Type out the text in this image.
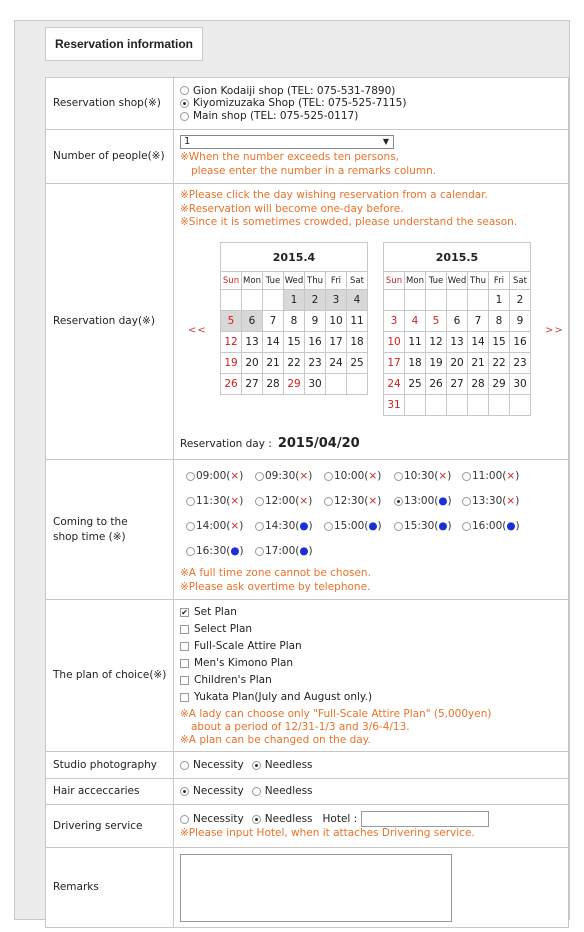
Reservation information
Reservation shop(※)	
Gion Kodaiji shop (TEL: 075-531-7890)
Kiyomizuzaka Shop (TEL: 075-525-7115)
Main shop (TEL: 075-525-0117)

Number of people(※)	
1	▼
※When the number exceeds ten persons,
please enter the number in a remarks column.

Reservation day(※)	
※Please click the day wishing reservation from a calendar.
※Reservation will become one-day before.
※Since it is sometimes crowded, please understand the season.
<<	>>
2015.4
Sun	Mon	Tue	Wed	Thu	Fri	Sat
			1	2	3	4
5	6	7	8	9	10	11
12	13	14	15	16	17	18
19	20	21	22	23	24	25
26	27	28	29	30		
2015.5
Sun	Mon	Tue	Wed	Thu	Fri	Sat
					1	2
3	4	5	6	7	8	9
10	11	12	13	14	15	16
17	18	19	20	21	22	23
24	25	26	27	28	29	30
31						
Reservation day : 2015/04/20

Coming to the
shop time (※)

※A full time zone cannot be chosen.
※Please ask overtime by telephone.
09:00 ( × ) 09:30 ( × ) 10:00 ( × ) 10:30 ( × ) 11:00 ( × )
11:30 ( × ) 12:00 ( × ) 12:30 ( × ) 13:00 ( ● ) 13:30 ( × )
14:00 ( × ) 14:30 ( ● ) 15:00 ( ● ) 15:30 ( ● ) 16:00 ( ● )
16:30 ( ● ) 17:00 ( ● )

The plan of choice(※)	
✔ Set Plan
Select Plan
Full-Scale Attire Plan
Men's Kimono Plan
Children's Plan
Yukata Plan(July and August only.)
※A lady can choose only "Full-Scale Attire Plan" (5,000yen)
about a period of 12/31-1/3 and 3/6-4/13.
※A plan can be changed on the day.

Studio photography	Necessity Needless

Hair acceccaries	Necessity Needless

Drivering service	
Necessity Needless Hotel :
※Please input Hotel, when it attaches Drivering service.

Remarks	
